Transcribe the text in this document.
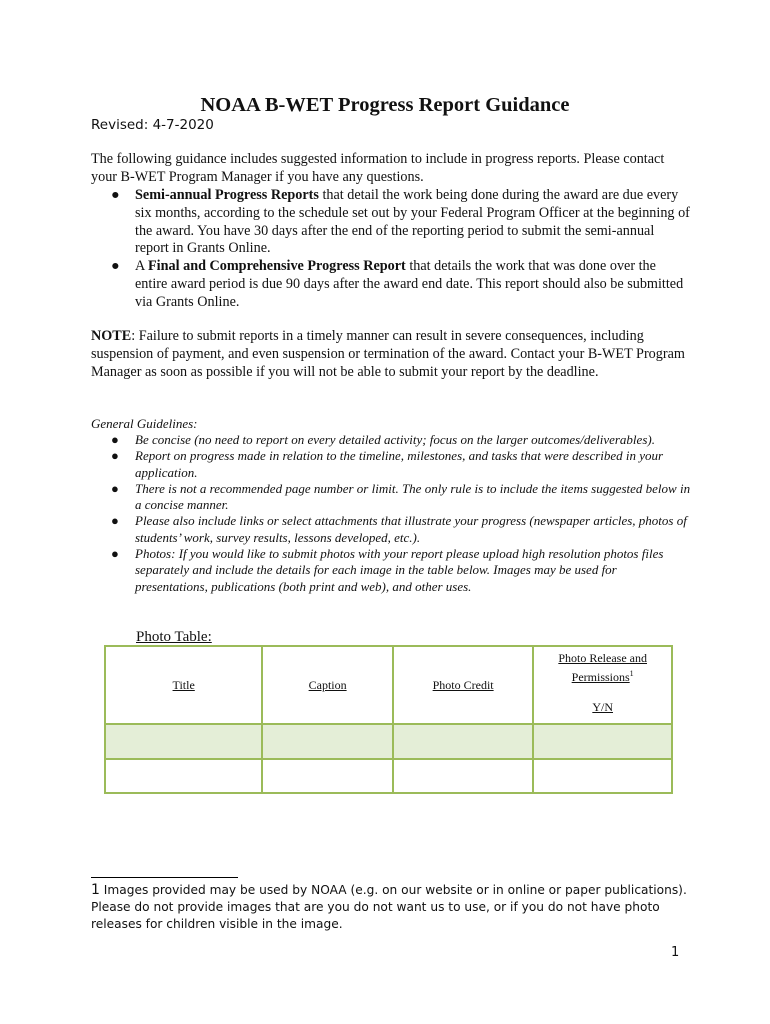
NOAA B-WET Progress Report Guidance
Revised: 4-7-2020
The following guidance includes suggested information to include in progress reports. Please contact your B-WET Program Manager if you have any questions.
● Semi-annual Progress Reports that detail the work being done during the award are due every six months, according to the schedule set out by your Federal Program Officer at the beginning of the award. You have 30 days after the end of the reporting period to submit the semi-annual report in Grants Online.
● A Final and Comprehensive Progress Report that details the work that was done over the entire award period is due 90 days after the award end date. This report should also be submitted via Grants Online.
NOTE: Failure to submit reports in a timely manner can result in severe consequences, including suspension of payment, and even suspension or termination of the award. Contact your B-WET Program Manager as soon as possible if you will not be able to submit your report by the deadline.
General Guidelines:
● Be concise (no need to report on every detailed activity; focus on the larger outcomes/deliverables).
● Report on progress made in relation to the timeline, milestones, and tasks that were described in your application.
● There is not a recommended page number or limit. The only rule is to include the items suggested below in a concise manner.
● Please also include links or select attachments that illustrate your progress (newspaper articles, photos of students’ work, survey results, lessons developed, etc.).
● Photos: If you would like to submit photos with your report please upload high resolution photos files separately and include the details for each image in the table below. Images may be used for presentations, publications (both print and web), and other uses.
Photo Table:
Title	Caption	Photo Credit	Photo Release and
Permissions$^1$

Y/N

1 Images provided may be used by NOAA (e.g. on our website or in online or paper publications). Please do not provide images that are you do not want us to use, or if you do not have photo releases for children visible in the image.
1
